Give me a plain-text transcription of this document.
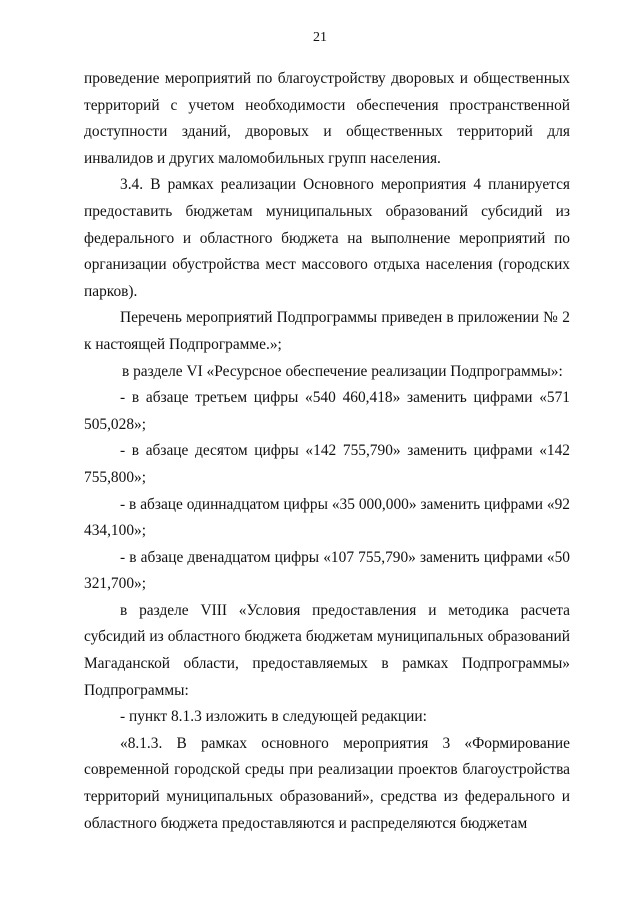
21

проведение мероприятий по благоустройству дворовых и общественных территорий с учетом необходимости обеспечения пространственной доступности зданий, дворовых и общественных территорий для инвалидов и других маломобильных групп населения.

3.4. В рамках реализации Основного мероприятия 4 планируется предоставить бюджетам муниципальных образований субсидий из федерального и областного бюджета на выполнение мероприятий по организации обустройства мест массового отдыха населения (городских парков).

Перечень мероприятий Подпрограммы приведен в приложении № 2 к настоящей Подпрограмме.»;

в разделе VI «Ресурсное обеспечение реализации Подпрограммы»:

- в абзаце третьем цифры «540 460,418» заменить цифрами «571 505,028»;

- в абзаце десятом цифры «142 755,790» заменить цифрами «142 755,800»;

- в абзаце одиннадцатом цифры «35 000,000» заменить цифрами «92 434,100»;

- в абзаце двенадцатом цифры «107 755,790» заменить цифрами «50 321,700»;

в разделе VIII «Условия предоставления и методика расчета субсидий из областного бюджета бюджетам муниципальных образований Магаданской области, предоставляемых в рамках Подпрограммы» Подпрограммы:

- пункт 8.1.3 изложить в следующей редакции:

«8.1.3. В рамках основного мероприятия 3 «Формирование современной городской среды при реализации проектов благоустройства территорий муниципальных образований», средства из федерального и областного бюджета предоставляются и распределяются бюджетам
